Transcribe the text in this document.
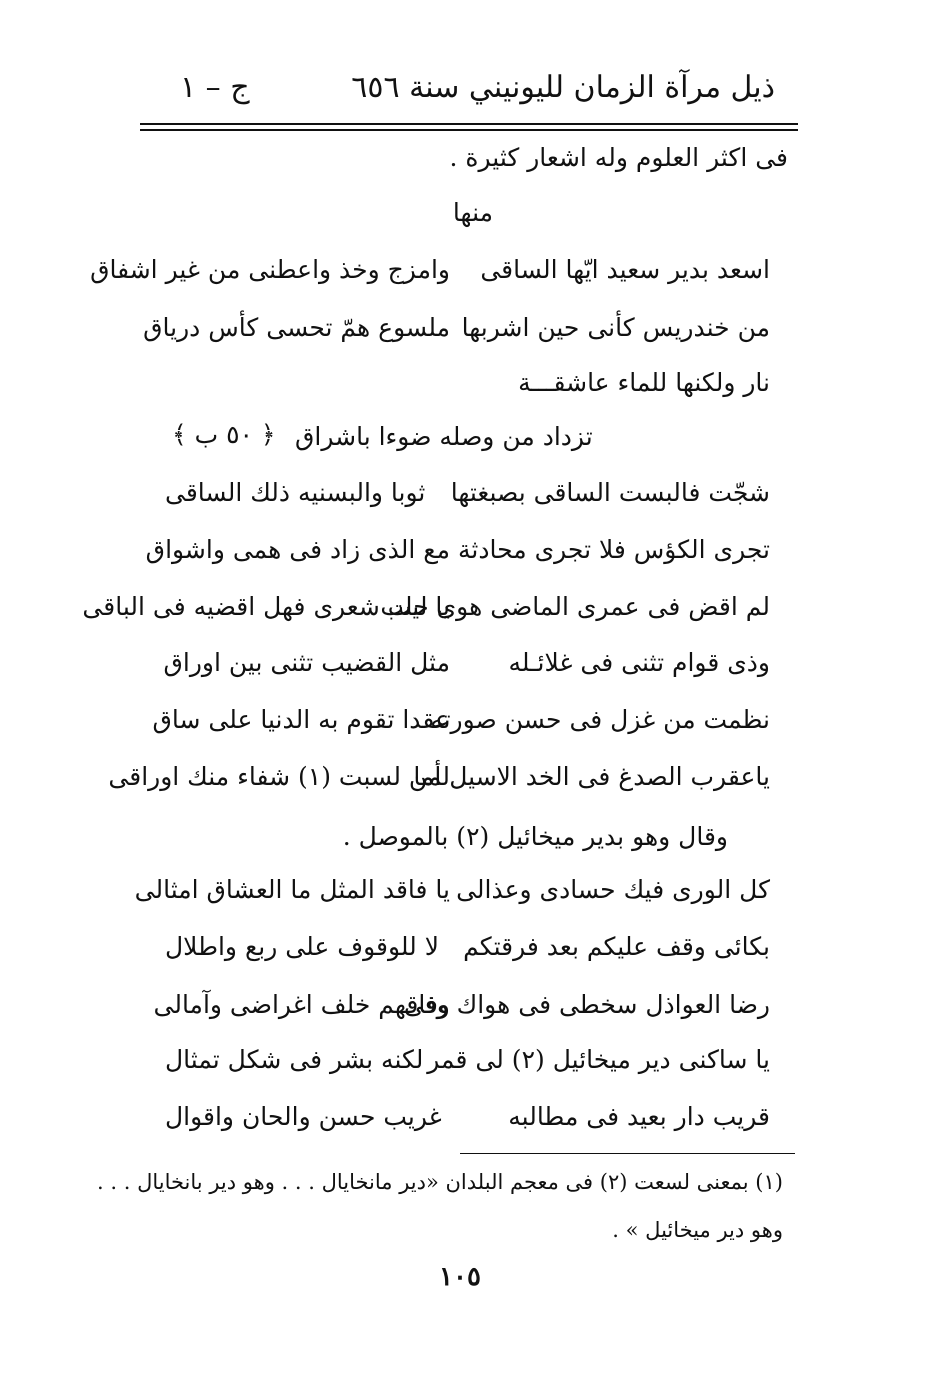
ذيل مرآة الزمان لليونيني سنة ٦٥٦
ج – ١
فى اكثر العلوم وله اشعار كثيرة .
منها
اسعد بدير سعيد ايّها الساقى
وامزج وخذ واعطنى من غير اشفاق
من خندريس كأنى حين اشربها
ملسوع همّ تحسى كأس درياق
نار ولكنها للماء عاشقـــة
تزداد من وصله ضوءا باشراق
﴿ ٥٠ ب ﴾
شجّت فالبست الساقى بصبغتها
ثوبا والبسنيه ذلك الساقى
تجرى الكؤس فلا تجرى محادثة
مع الذى زاد فى همى واشواق
لم اقض فى عمرى الماضى هوى حلب
يا ليت شعرى فهل اقضيه فى الباقى
وذى قوام تثنى فى غلائـله
مثل القضيب تثنى بين اوراق
نظمت من غزل فى حسن صورته
عقدا تقوم به الدنيا على ساق
ياعقرب الصدغ فى الخد الاسيل أما
لمن لسبت (١) شفاء منك اوراقى
وقال وهو بدير ميخائيل (٢) بالموصل .
كل الورى فيك حسادى وعذالى
يا فاقد المثل ما العشاق امثالى
بكائى وقف عليكم بعد فرقتكم
لا للوقوف على ربع واطلال
رضا العواذل سخطى فى هواك وفى
وفاقهم خلف اغراضى وآمالى
يا ساكنى دير ميخائيل (٢) لى قمر
لكنه بشر فى شكل تمثال
قريب دار بعيد فى مطالبه
غريب حسن والحان واقوال
(١) بمعنى لسعت (٢) فى معجم البلدان «دير مانخايال . . . وهو دير بانخايال . . .
وهو دير ميخائيل » .
١٠٥
